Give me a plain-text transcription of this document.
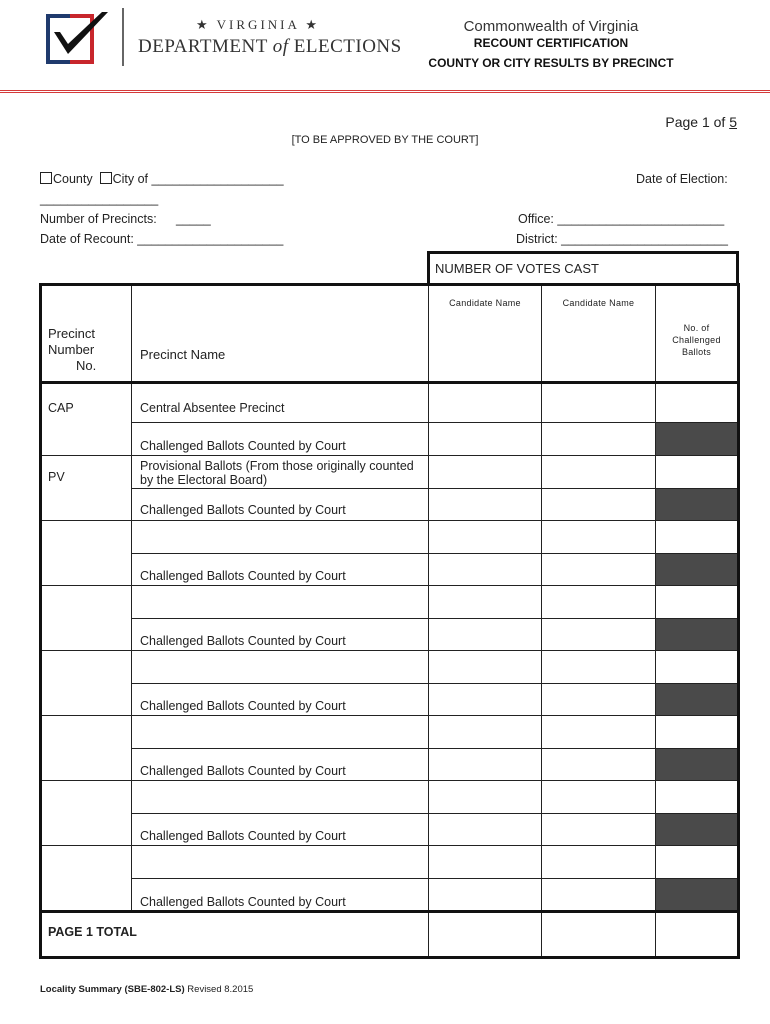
★ VIRGINIA ★
DEPARTMENT of ELECTIONS
Commonwealth of Virginia
RECOUNT CERTIFICATION
COUNTY OR CITY RESULTS BY PRECINCT
Page 1 of 5
[TO BE APPROVED BY THE COURT]
County City of ___________________
_________________
Number of Precincts: _____
Date of Recount: _____________________
Date of Election:
Office: ________________________
District: ________________________
NUMBER OF VOTES CAST
Precinct
Number
No.	Precinct Name	Candidate Name	Candidate Name	No. of
Challenged
Ballots

CAP	Central Absentee Precinct			

	Challenged Ballots Counted by Court			

PV	Provisional Ballots (From those originally counted by the Electoral Board)			

	Challenged Ballots Counted by Court			

	Challenged Ballots Counted by Court			

	Challenged Ballots Counted by Court			

	Challenged Ballots Counted by Court			

	Challenged Ballots Counted by Court			

	Challenged Ballots Counted by Court			

	Challenged Ballots Counted by Court			

PAGE 1 TOTAL				

Locality Summary (SBE-802-LS) Revised 8.2015
